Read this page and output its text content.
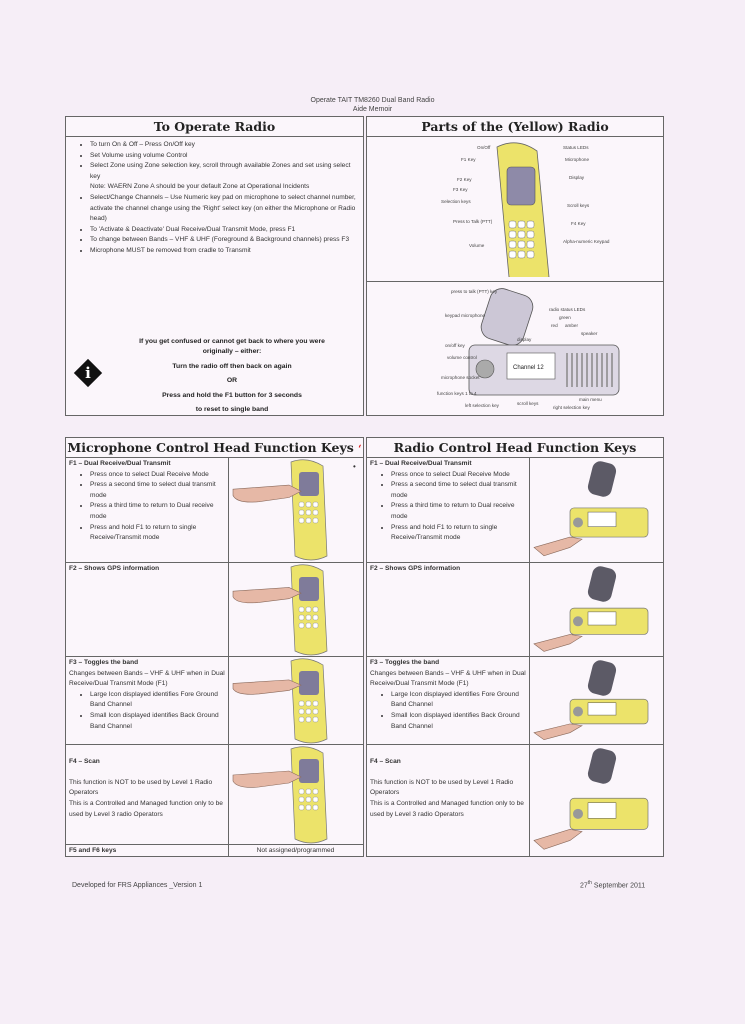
Operate TAIT TM8260 Dual Band Radio
Aide Memoir
To Operate Radio
• To turn On & Off – Press On/Off key
• Set Volume using volume Control
• Select Zone using Zone selection key, scroll through available Zones and set using select key
Note: WAERN Zone A should be your default Zone at Operational Incidents
• Select/Change Channels – Use Numeric key pad on microphone to select channel number, activate the channel change using the 'Right' select key (on either the Microphone or Radio head)
• To 'Activate & Deactivate' Dual Receive/Dual Transmit Mode, press F1
• To change between Bands – VHF & UHF (Foreground & Background channels) press F3
• Microphone MUST be removed from cradle to Transmit
If you get confused or cannot get back to where you were
originally – either:
Turn the radio off then back on again
OR
Press and hold the F1 button for 3 seconds
to reset to single band
i
Parts of the (Yellow) Radio
On/Off
F1 Key
F2 Key
F3 Key
Selection keys
Press to Talk (PTT)
Volume
Status LEDs
Microphone
Display
Scroll keys
F4 Key
Alpha-numeric Keypad
Channel 12
press to talk (PTT) key
keypad microphone
radio status LEDs
green
red amber
speaker
display
on/off key
volume control
microphone socket
function keys 1 to 4
left selection key	scroll keys
main menu
right selection key
Microphone Control Head Function Keys ‘
F1 – Dual Receive/Dual Transmit
• Press once to select Dual Receive Mode
• Press a second time to select dual transmit mode
• Press a third time to return to Dual receive mode
• Press and hold F1 to return to single Receive/Transmit mode
F2 – Shows GPS information
F3 – Toggles the band
Changes between Bands – VHF & UHF when in Dual Receive/Dual Transmit Mode (F1)
• Large Icon displayed identifies Fore Ground Band Channel
• Small Icon displayed identifies Back Ground Band Channel

F4 – Scan

This function is NOT to be used by Level 1 Radio Operators
This is a Controlled and Managed function only to be used by Level 3 radio Operators

F5 and F6 keys	Not assigned/programmed
•
Radio Control Head Function Keys
F1 – Dual Receive/Dual Transmit
• Press once to select Dual Receive Mode
• Press a second time to select dual transmit mode
• Press a third time to return to Dual receive mode
• Press and hold F1 to return to single Receive/Transmit mode
F2 – Shows GPS information
F3 – Toggles the band
Changes between Bands – VHF & UHF when in Dual Receive/Dual Transmit Mode (F1)
• Large Icon displayed identifies Fore Ground Band Channel
• Small Icon displayed identifies Back Ground Band Channel

F4 – Scan

This function is NOT to be used by Level 1 Radio Operators
This is a Controlled and Managed function only to be used by Level 3 radio Operators

Developed for FRS Appliances _Version 1	27th September 2011
